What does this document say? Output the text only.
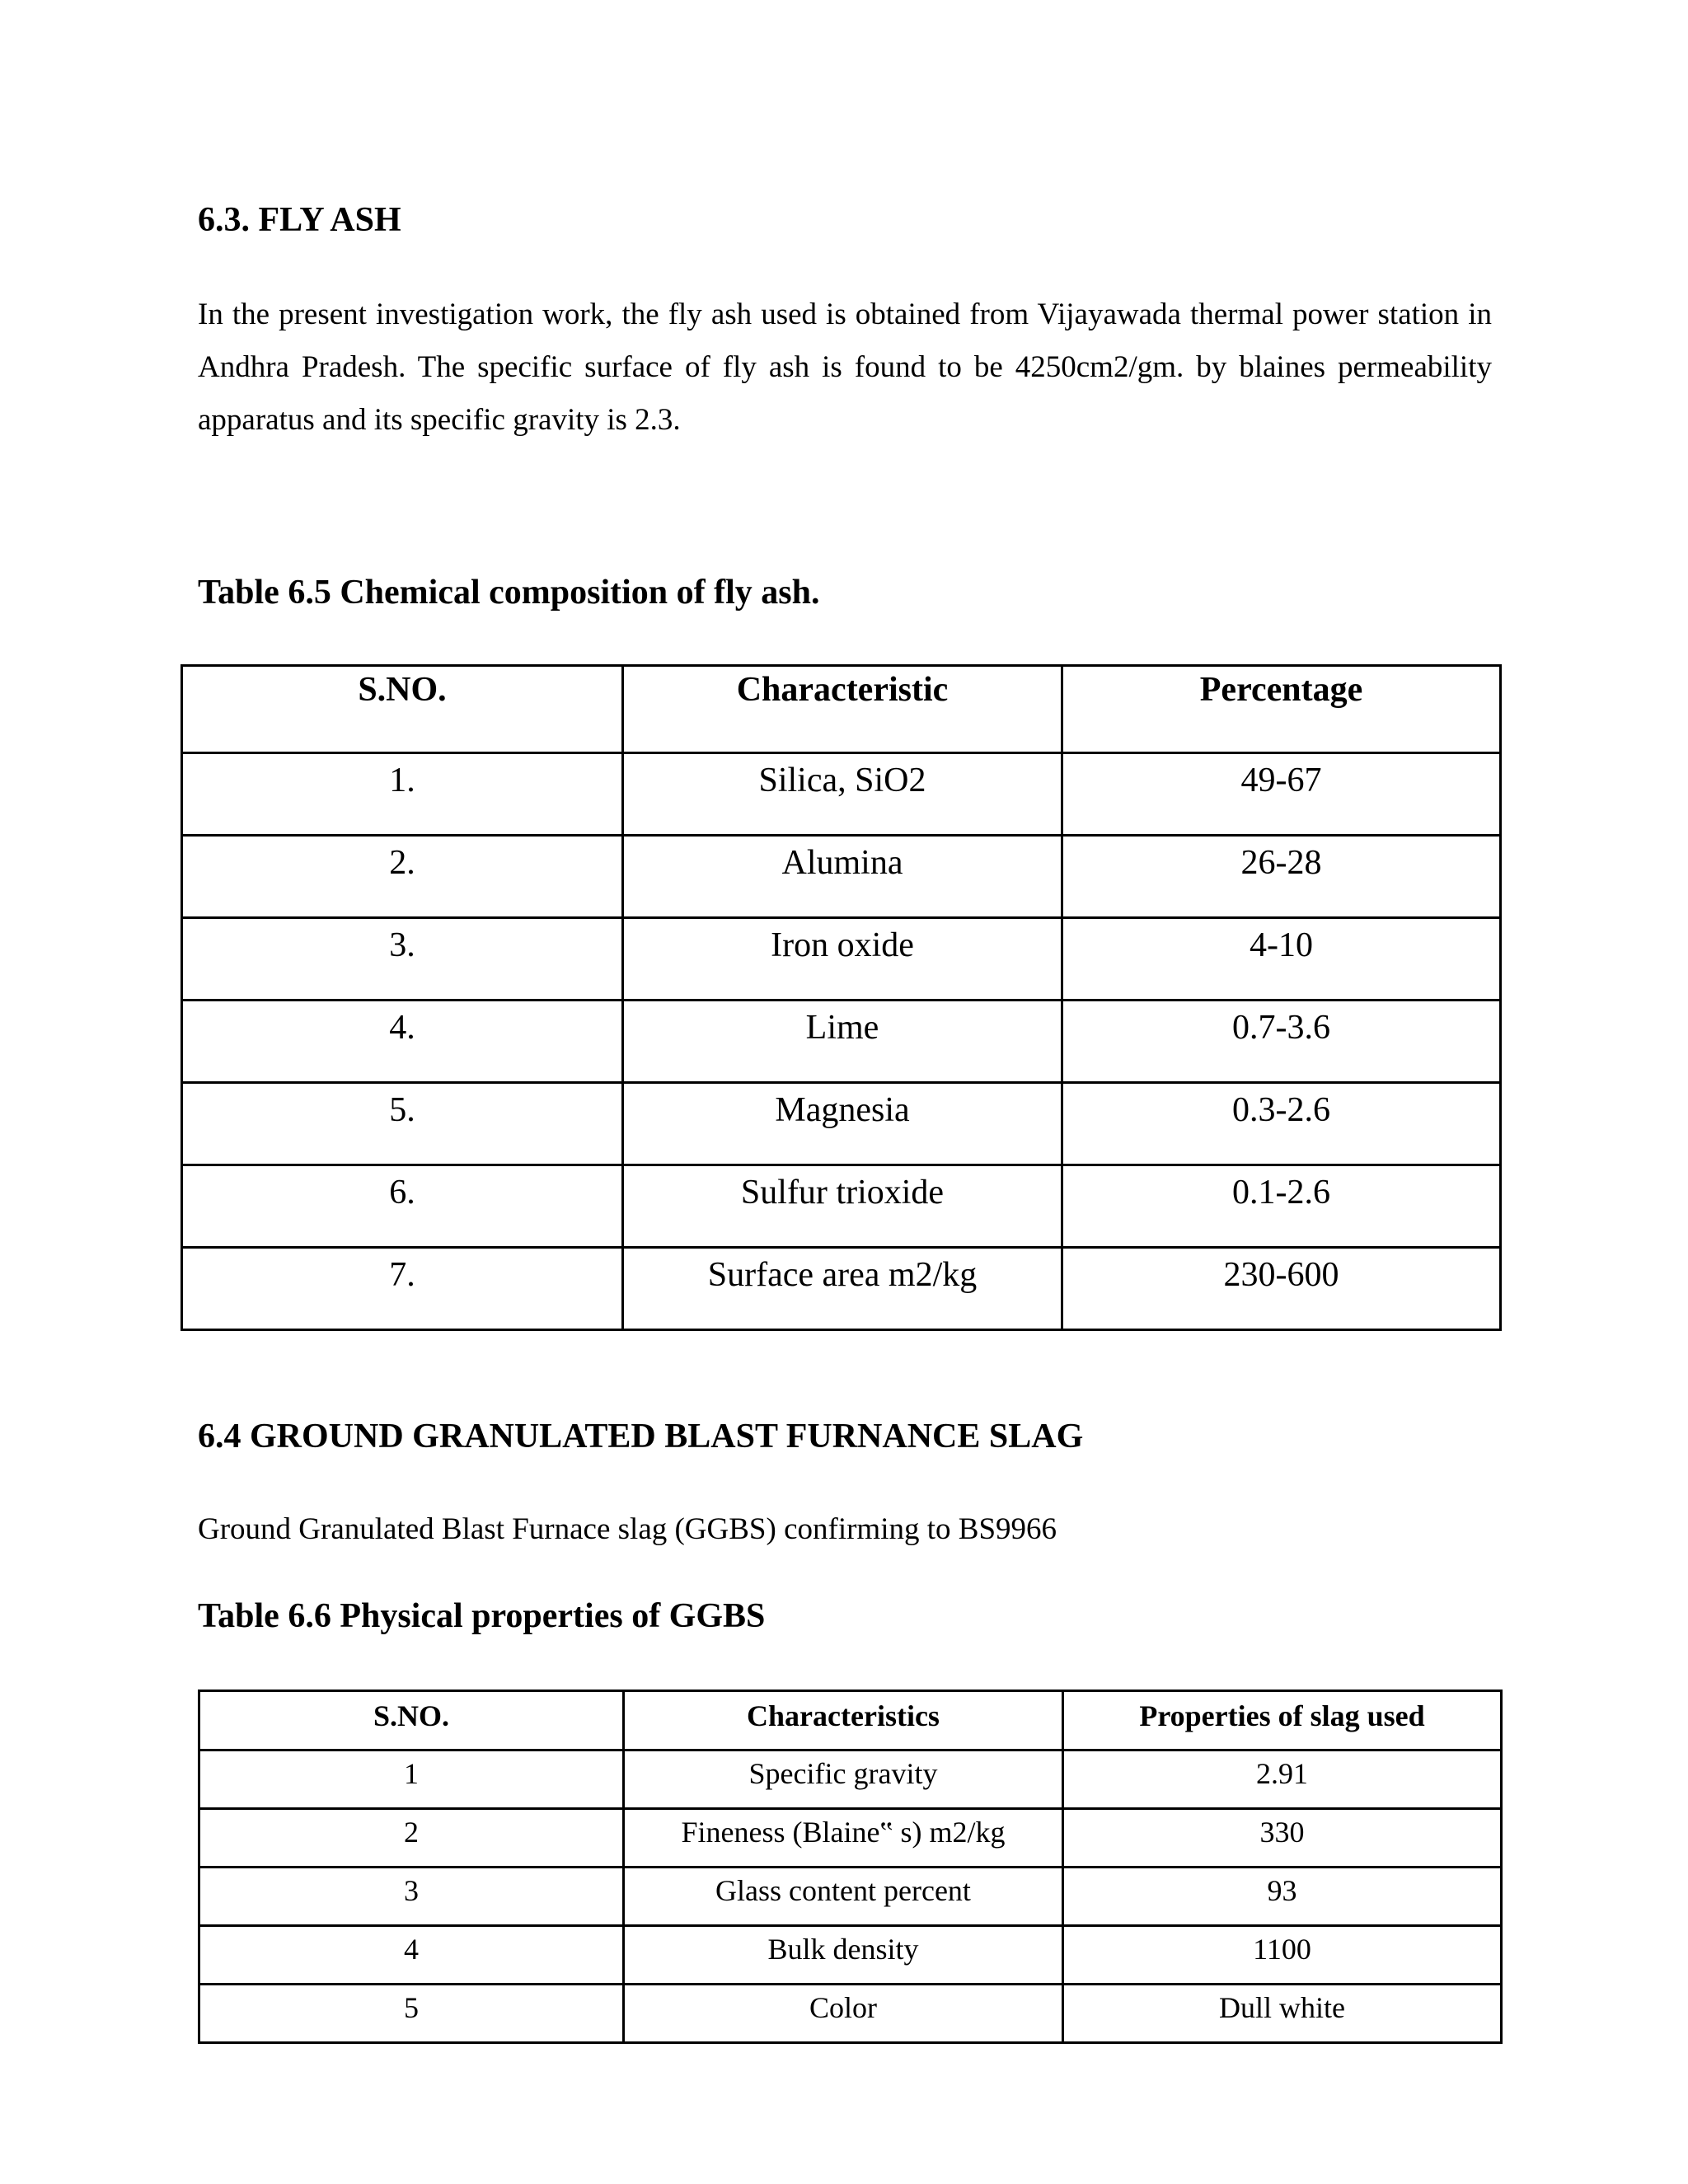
6.3. FLY ASH

In the present investigation work, the fly ash used is obtained from Vijayawada thermal power station in Andhra Pradesh. The specific surface of fly ash is found to be 4250cm2/gm. by blaines permeability apparatus and its specific gravity is 2.3.

Table 6.5 Chemical composition of fly ash.
S.NO.	Characteristic	Percentage
1.	Silica, SiO2	49-67
2.	Alumina	26-28
3.	Iron oxide	4-10
4.	Lime	0.7-3.6
5.	Magnesia	0.3-2.6
6.	Sulfur trioxide	0.1-2.6
7.	Surface area m2/kg	230-600
6.4 GROUND GRANULATED BLAST FURNANCE SLAG

Ground Granulated Blast Furnace slag (GGBS) confirming to BS9966

Table 6.6 Physical properties of GGBS
S.NO.	Characteristics	Properties of slag used
1	Specific gravity	2.91
2	Fineness (Blaine‟ s) m2/kg	330
3	Glass content percent	93
4	Bulk density	1100
5	Color	Dull white
